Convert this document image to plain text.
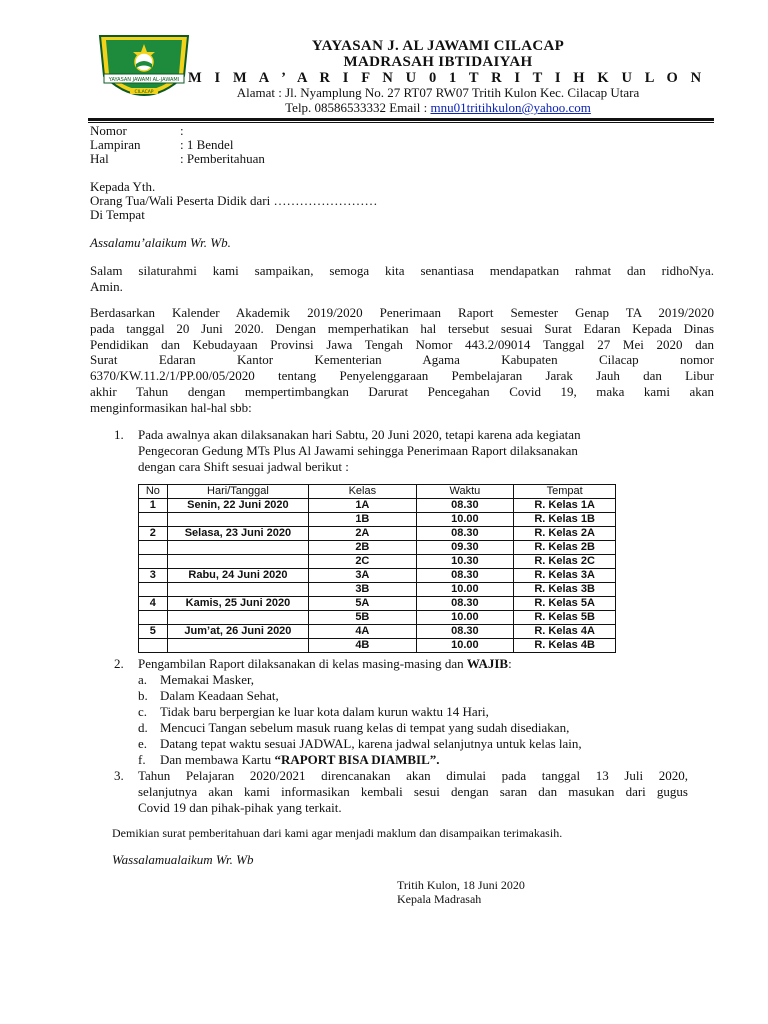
YAYASAN JAWAMI AL-JAWAMI
CILACAP
YAYASAN J. AL JAWAMI CILACAP
MADRASAH IBTIDAIYAH
M I M A ’ A R I F N U 0 1 T R I T I H K U L O N
Alamat : Jl. Nyamplung No. 27 RT07 RW07 Tritih Kulon Kec. Cilacap Utara
Telp. 08586533332 Email : mnu01tritihkulon@yahoo.com
Nomor	:
Lampiran	: 1 Bendel
Hal	: Pemberitahuan
Kepada Yth.
Orang Tua/Wali Peserta Didik dari ……………………
Di Tempat
Assalamu’alaikum Wr. Wb.
Salam silaturahmi kami sampaikan, semoga kita senantiasa mendapatkan rahmat dan ridhoNya.
Amin.
Berdasarkan Kalender Akademik 2019/2020 Penerimaan Raport Semester Genap TA 2019/2020
pada tanggal 20 Juni 2020. Dengan memperhatikan hal tersebut sesuai Surat Edaran Kepada Dinas
Pendidikan dan Kebudayaan Provinsi Jawa Tengah Nomor 443.2/09014 Tanggal 27 Mei 2020 dan
Surat Edaran Kantor Kementerian Agama Kabupaten Cilacap nomor
6370/KW.11.2/1/PP.00/05/2020 tentang Penyelenggaraan Pembelajaran Jarak Jauh dan Libur
akhir Tahun dengan mempertimbangkan Darurat Pencegahan Covid 19, maka kami akan
menginformasikan hal-hal sbb:
1. Pada awalnya akan dilaksanakan hari Sabtu, 20 Juni 2020, tetapi karena ada kegiatan
Pengecoran Gedung MTs Plus Al Jawami sehingga Penerimaan Raport dilaksanakan
dengan cara Shift sesuai jadwal berikut :
No	Hari/Tanggal	Kelas	Waktu	Tempat
1	Senin, 22 Juni 2020	1A	08.30	R. Kelas 1A
		1B	10.00	R. Kelas 1B
2	Selasa, 23 Juni 2020	2A	08.30	R. Kelas 2A
		2B	09.30	R. Kelas 2B
		2C	10.30	R. Kelas 2C
3	Rabu, 24 Juni 2020	3A	08.30	R. Kelas 3A
		3B	10.00	R. Kelas 3B
4	Kamis, 25 Juni 2020	5A	08.30	R. Kelas 5A
		5B	10.00	R. Kelas 5B
5	Jum’at, 26 Juni 2020	4A	08.30	R. Kelas 4A
		4B	10.00	R. Kelas 4B
2. Pengambilan Raport dilaksanakan di kelas masing-masing dan WAJIB:
a. Memakai Masker,
b. Dalam Keadaan Sehat,
c. Tidak baru berpergian ke luar kota dalam kurun waktu 14 Hari,
d. Mencuci Tangan sebelum masuk ruang kelas di tempat yang sudah disediakan,
e. Datang tepat waktu sesuai JADWAL, karena jadwal selanjutnya untuk kelas lain,
f. Dan membawa Kartu “RAPORT BISA DIAMBIL”.
3. Tahun Pelajaran 2020/2021 direncanakan akan dimulai pada tanggal 13 Juli 2020,
selanjutnya akan kami informasikan kembali sesui dengan saran dan masukan dari gugus
Covid 19 dan pihak-pihak yang terkait.
Demikian surat pemberitahuan dari kami agar menjadi maklum dan disampaikan terimakasih.
Wassalamualaikum Wr. Wb
Tritih Kulon, 18 Juni 2020
Kepala Madrasah
